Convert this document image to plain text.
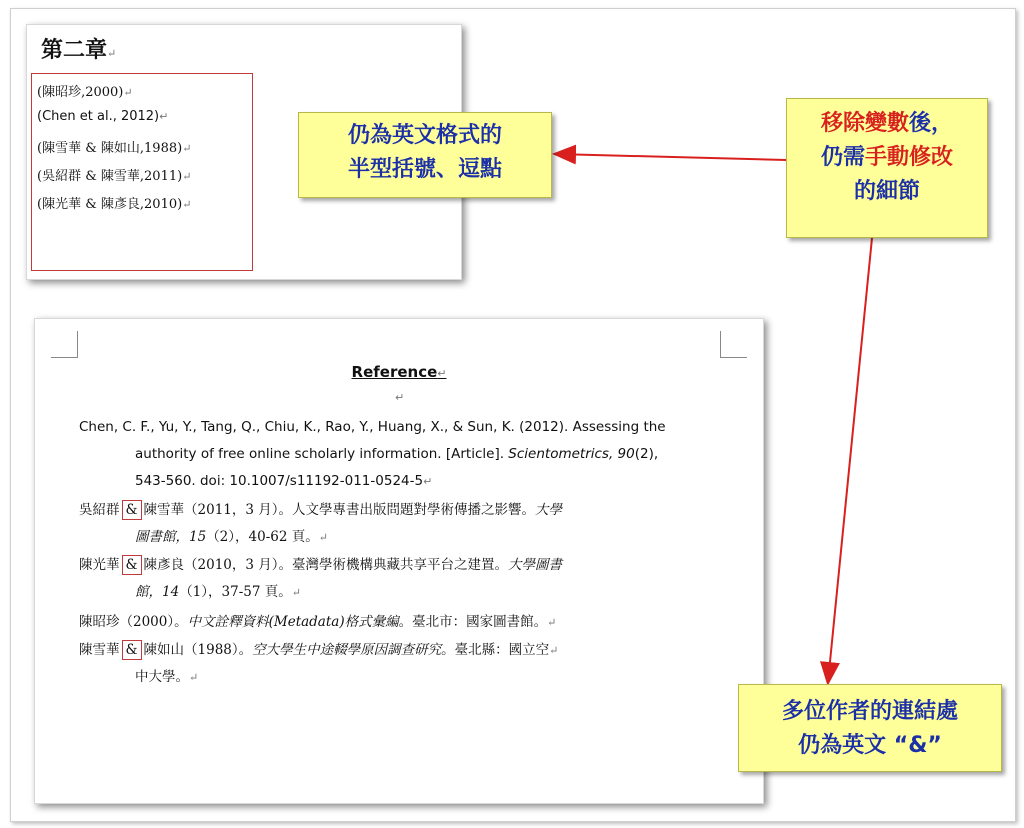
第二章↵
(陳昭珍,2000)↵
(Chen et al., 2012)↵
(陳雪華 & 陳如山,1988)↵
(吳紹群 & 陳雪華,2011)↵
(陳光華 & 陳彥良,2010)↵
Reference↵
↵
Chen, C. F., Yu, Y., Tang, Q., Chiu, K., Rao, Y., Huang, X., & Sun, K. (2012). Assessing the
authority of free online scholarly information. [Article]. Scientometrics, 90(2),
543-560. doi: 10.1007/s11192-011-0524-5↵
吳紹群 & 陳雪華（2011，3 月）。人文學專書出版問題對學術傳播之影響。大學
圖書館，15（2），40-62 頁。↵
陳光華 & 陳彥良（2010，3 月）。臺灣學術機構典藏共享平台之建置。大學圖書
館，14（1），37-57 頁。↵
陳昭珍（2000）。中文詮釋資料(Metadata)格式彙編。臺北市：國家圖書館。↵
陳雪華 & 陳如山（1988）。空大學生中途輟學原因調查研究。臺北縣：國立空↵
中大學。↵
仍為英文格式的
半型括號、逗點
移除變數後，
仍需手動修改
的細節
多位作者的連結處
仍為英文 “&”
